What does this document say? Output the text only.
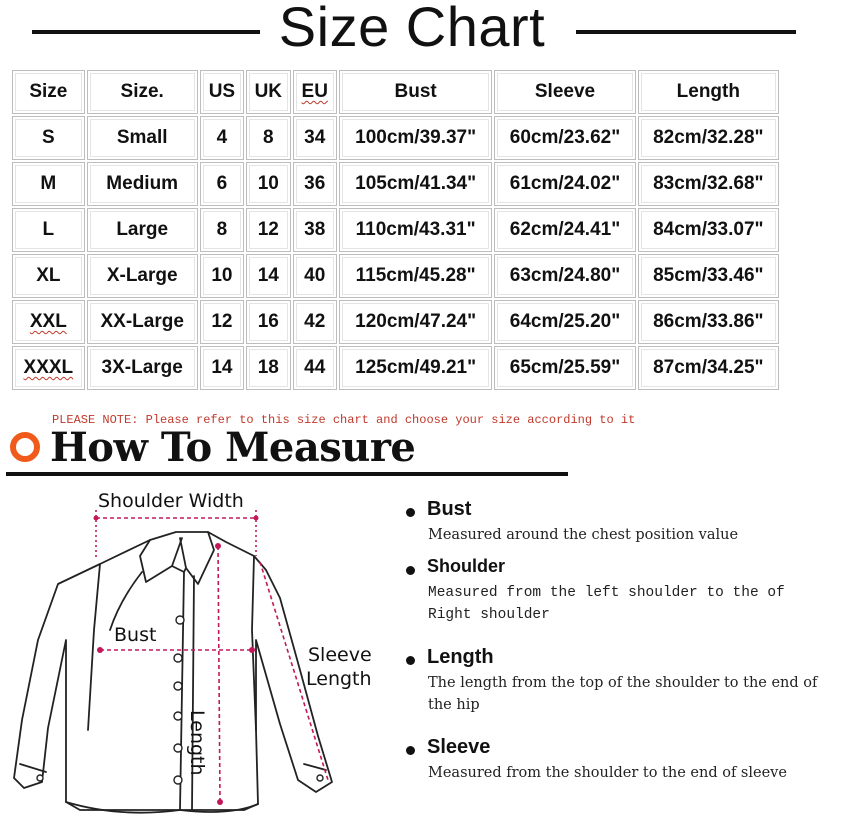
Size Chart
Size	Size.	US	UK	EU	Bust	Sleeve	Length
S	Small	4	8	34	100cm/39.37"	60cm/23.62"	82cm/32.28"
M	Medium	6	10	36	105cm/41.34"	61cm/24.02"	83cm/32.68"
L	Large	8	12	38	110cm/43.31"	62cm/24.41"	84cm/33.07"
XL	X-Large	10	14	40	115cm/45.28"	63cm/24.80"	85cm/33.46"
XXL	XX-Large	12	16	42	120cm/47.24"	64cm/25.20"	86cm/33.86"
XXXL	3X-Large	14	18	44	125cm/49.21"	65cm/25.59"	87cm/34.25"
PLEASE NOTE: Please refer to this size chart and choose your size according to it
How To Measure
Shoulder Width
Bust
Length
Sleeve
Length
Bust
Measured around the chest position value
Shoulder
Measured from the left shoulder to the of Right shoulder
Length
The length from the top of the shoulder to the end of the hip
Sleeve
Measured from the shoulder to the end of sleeve
